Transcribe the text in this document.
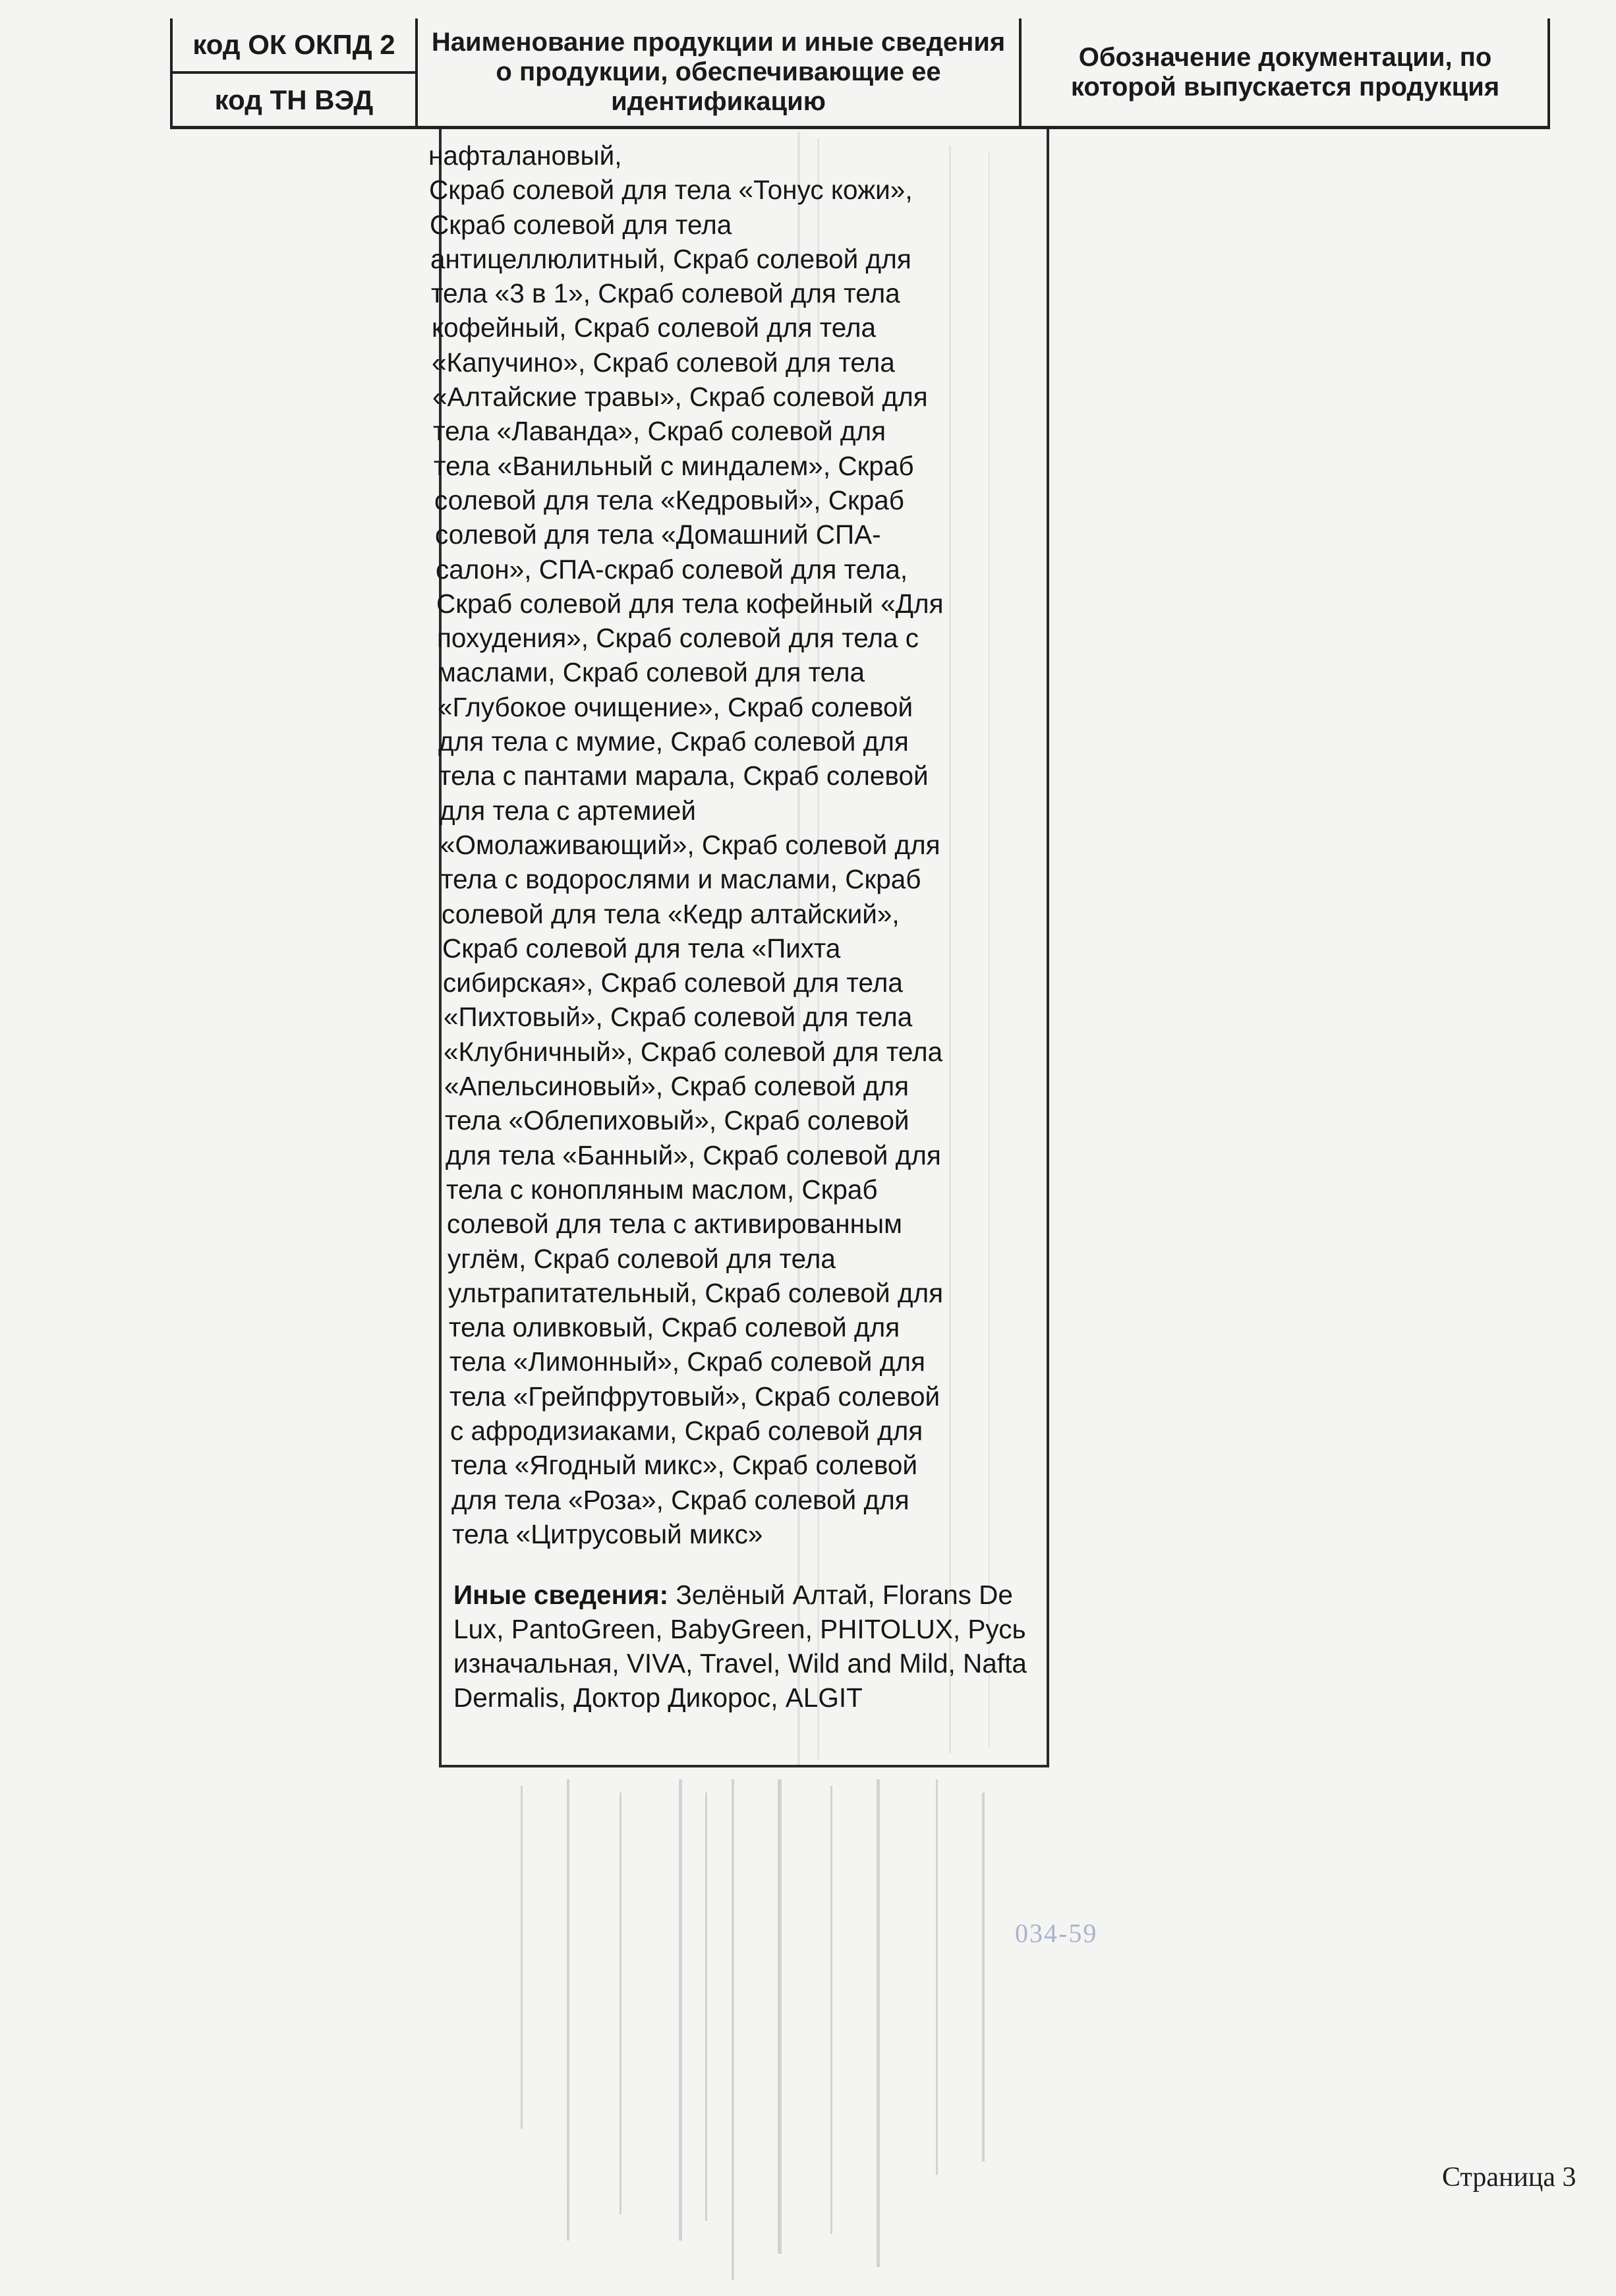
код ОК ОКПД 2
код ТН ВЭД
Наименование продукции и иные сведения о продукции, обеспечивающие ее идентификацию
Обозначение документации, по которой выпускается продукция
нафталановый,
Скраб солевой для тела «Тонус кожи»,
Скраб солевой для тела
антицеллюлитный, Скраб солевой для
тела «3 в 1», Скраб солевой для тела
кофейный, Скраб солевой для тела
«Капучино», Скраб солевой для тела
«Алтайские травы», Скраб солевой для
тела «Лаванда», Скраб солевой для
тела «Ванильный с миндалем», Скраб
солевой для тела «Кедровый», Скраб
солевой для тела «Домашний СПА-
салон», СПА-скраб солевой для тела,
Скраб солевой для тела кофейный «Для
похудения», Скраб солевой для тела с
маслами, Скраб солевой для тела
«Глубокое очищение», Скраб солевой
для тела с мумие, Скраб солевой для
тела с пантами марала, Скраб солевой
для тела с артемией
«Омолаживающий», Скраб солевой для
тела с водорослями и маслами, Скраб
солевой для тела «Кедр алтайский»,
Скраб солевой для тела «Пихта
сибирская», Скраб солевой для тела
«Пихтовый», Скраб солевой для тела
«Клубничный», Скраб солевой для тела
«Апельсиновый», Скраб солевой для
тела «Облепиховый», Скраб солевой
для тела «Банный», Скраб солевой для
тела с конопляным маслом, Скраб
солевой для тела с активированным
углём, Скраб солевой для тела
ультрапитательный, Скраб солевой для
тела оливковый, Скраб солевой для
тела «Лимонный», Скраб солевой для
тела «Грейпфрутовый», Скраб солевой
с афродизиаками, Скраб солевой для
тела «Ягодный микс», Скраб солевой
для тела «Роза», Скраб солевой для
тела «Цитрусовый микс»
Иные сведения: Зелёный Алтай, Florans De Lux, PantoGreen, BabyGreen, PHITOLUX, Русь изначальная, VIVA, Travel, Wild and Mild, Nafta Dermalis, Доктор Дикорос, ALGIT
034-59
Страница 3
